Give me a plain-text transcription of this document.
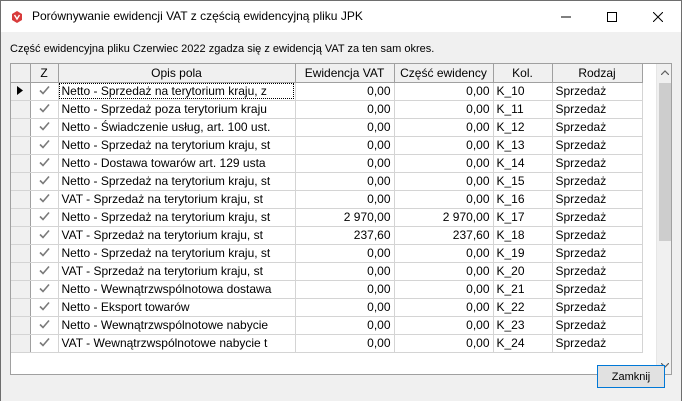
Porównywanie ewidencji VAT z częścią ewidencyjną pliku JPK
Część ewidencyjna pliku Czerwiec 2022 zgadza się z ewidencją VAT za ten sam okres.
	Z	Opis pola	Ewidencja VAT	Część ewidency	Kol.	Rodzaj
		Netto - Sprzedaż na terytorium kraju, z	0,00	0,00	K_10	Sprzedaż
		Netto - Sprzedaż poza terytorium kraju	0,00	0,00	K_11	Sprzedaż
		Netto - Świadczenie usług, art. 100 ust.	0,00	0,00	K_12	Sprzedaż
		Netto - Sprzedaż na terytorium kraju, st	0,00	0,00	K_13	Sprzedaż
		Netto - Dostawa towarów art. 129 usta	0,00	0,00	K_14	Sprzedaż
		Netto - Sprzedaż na terytorium kraju, st	0,00	0,00	K_15	Sprzedaż
		VAT - Sprzedaż na terytorium kraju, st	0,00	0,00	K_16	Sprzedaż
		Netto - Sprzedaż na terytorium kraju, st	2 970,00	2 970,00	K_17	Sprzedaż
		VAT - Sprzedaż na terytorium kraju, st	237,60	237,60	K_18	Sprzedaż
		Netto - Sprzedaż na terytorium kraju, st	0,00	0,00	K_19	Sprzedaż
		VAT - Sprzedaż na terytorium kraju, st	0,00	0,00	K_20	Sprzedaż
		Netto - Wewnątrzwspólnotowa dostawa	0,00	0,00	K_21	Sprzedaż
		Netto - Eksport towarów	0,00	0,00	K_22	Sprzedaż
		Netto - Wewnątrzwspólnotowe nabycie	0,00	0,00	K_23	Sprzedaż
		VAT - Wewnątrzwspólnotowe nabycie t	0,00	0,00	K_24	Sprzedaż
Zamknij
